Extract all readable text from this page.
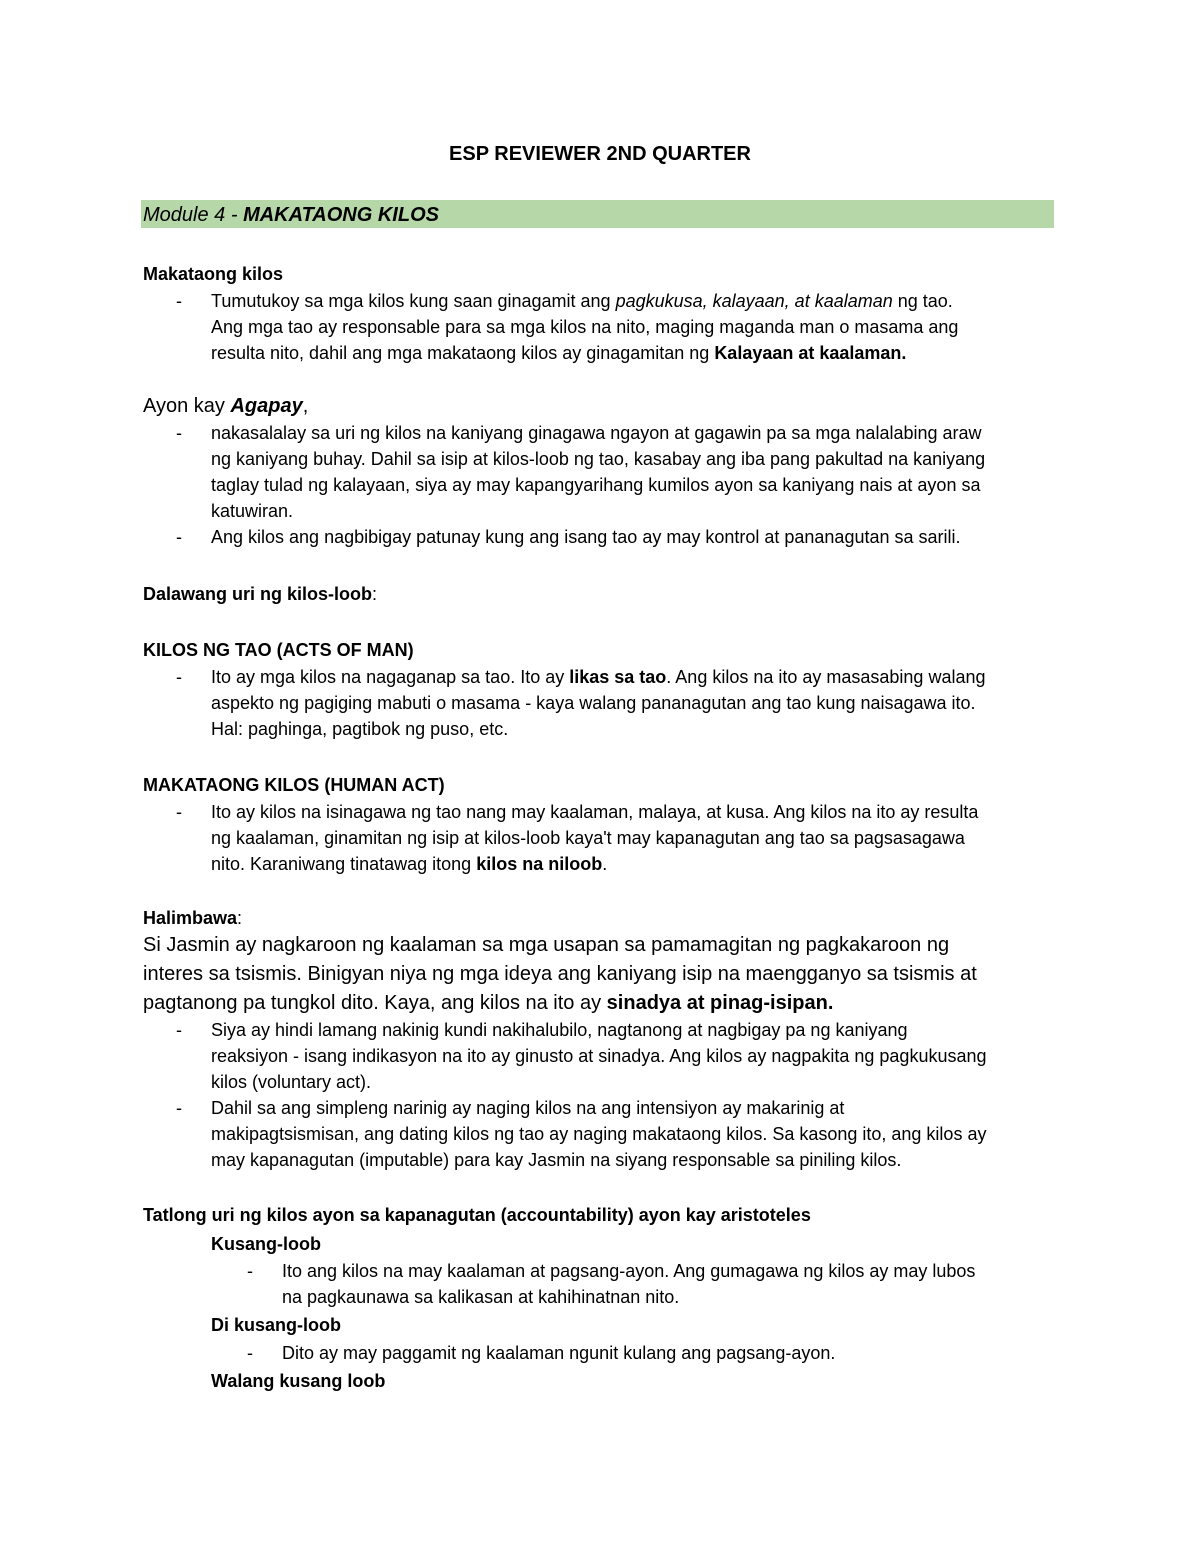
ESP REVIEWER 2ND QUARTER
Module 4 - MAKATAONG KILOS
Makataong kilos
- Tumutukoy sa mga kilos kung saan ginagamit ang pagkukusa, kalayaan, at kaalaman ng tao.
Ang mga tao ay responsable para sa mga kilos na nito, maging maganda man o masama ang
resulta nito, dahil ang mga makataong kilos ay ginagamitan ng Kalayaan at kaalaman.
Ayon kay Agapay,
- nakasalalay sa uri ng kilos na kaniyang ginagawa ngayon at gagawin pa sa mga nalalabing araw
ng kaniyang buhay. Dahil sa isip at kilos-loob ng tao, kasabay ang iba pang pakultad na kaniyang
taglay tulad ng kalayaan, siya ay may kapangyarihang kumilos ayon sa kaniyang nais at ayon sa
katuwiran.
- Ang kilos ang nagbibigay patunay kung ang isang tao ay may kontrol at pananagutan sa sarili.
Dalawang uri ng kilos-loob:
KILOS NG TAO (ACTS OF MAN)
- Ito ay mga kilos na nagaganap sa tao. Ito ay likas sa tao. Ang kilos na ito ay masasabing walang
aspekto ng pagiging mabuti o masama - kaya walang pananagutan ang tao kung naisagawa ito.
Hal: paghinga, pagtibok ng puso, etc.
MAKATAONG KILOS (HUMAN ACT)
- Ito ay kilos na isinagawa ng tao nang may kaalaman, malaya, at kusa. Ang kilos na ito ay resulta
ng kaalaman, ginamitan ng isip at kilos-loob kaya't may kapanagutan ang tao sa pagsasagawa
nito. Karaniwang tinatawag itong kilos na niloob.
Halimbawa:
Si Jasmin ay nagkaroon ng kaalaman sa mga usapan sa pamamagitan ng pagkakaroon ng
interes sa tsismis. Binigyan niya ng mga ideya ang kaniyang isip na maengganyo sa tsismis at
pagtanong pa tungkol dito. Kaya, ang kilos na ito ay sinadya at pinag-isipan.
- Siya ay hindi lamang nakinig kundi nakihalubilo, nagtanong at nagbigay pa ng kaniyang
reaksiyon - isang indikasyon na ito ay ginusto at sinadya. Ang kilos ay nagpakita ng pagkukusang
kilos (voluntary act).
- Dahil sa ang simpleng narinig ay naging kilos na ang intensiyon ay makarinig at
makipagtsismisan, ang dating kilos ng tao ay naging makataong kilos. Sa kasong ito, ang kilos ay
may kapanagutan (imputable) para kay Jasmin na siyang responsable sa piniling kilos.
Tatlong uri ng kilos ayon sa kapanagutan (accountability) ayon kay aristoteles
Kusang-loob
- Ito ang kilos na may kaalaman at pagsang-ayon. Ang gumagawa ng kilos ay may lubos
na pagkaunawa sa kalikasan at kahihinatnan nito.
Di kusang-loob
- Dito ay may paggamit ng kaalaman ngunit kulang ang pagsang-ayon.
Walang kusang loob
